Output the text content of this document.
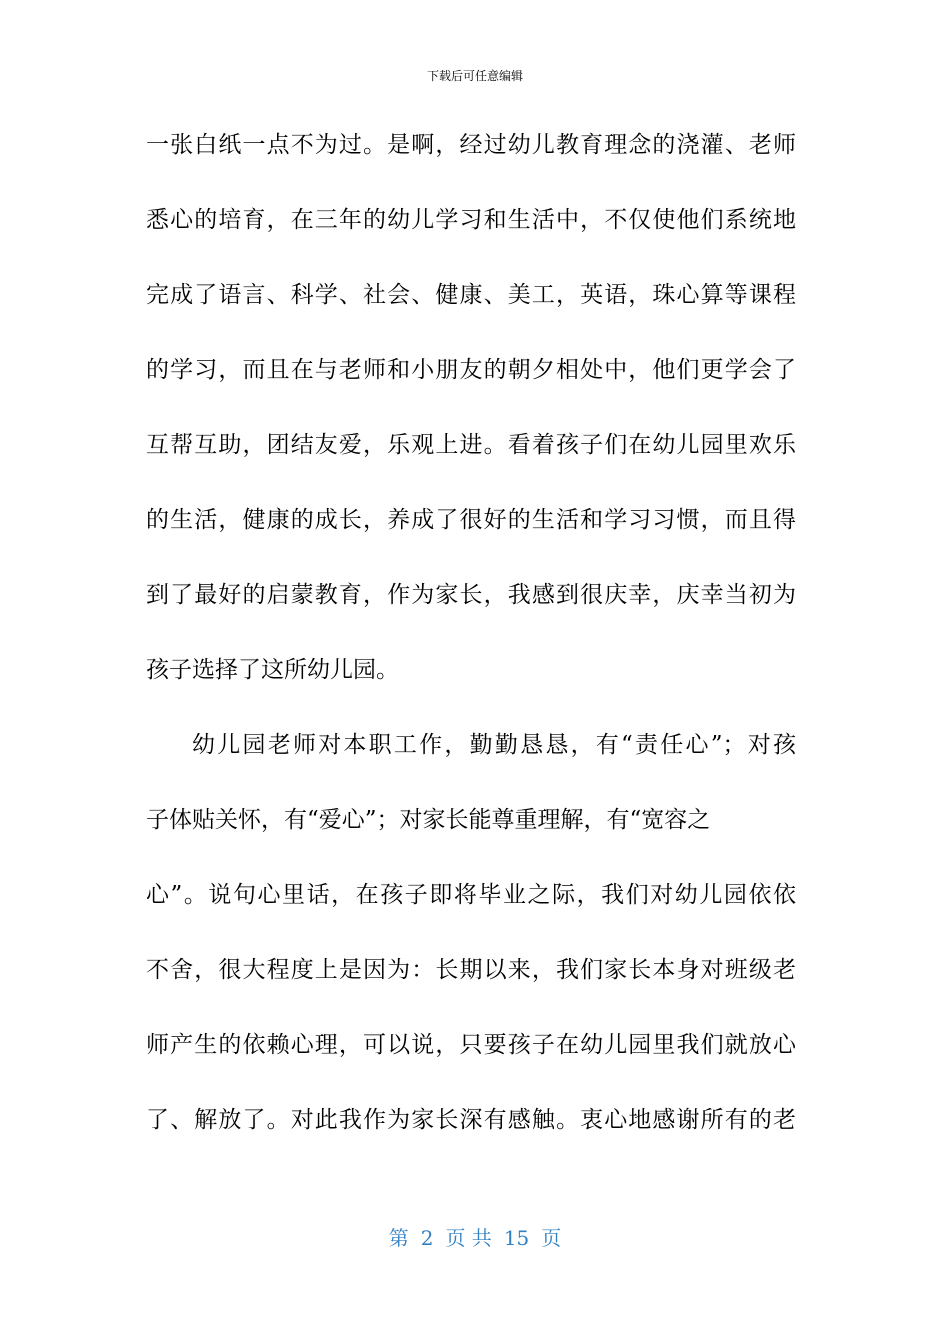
下载后可任意编辑
一张白纸一点不为过。是啊，经过幼儿教育理念的浇灌、老师
悉心的培育，在三年的幼儿学习和生活中，不仅使他们系统地
完成了语言、科学、社会、健康、美工，英语，珠心算等课程
的学习，而且在与老师和小朋友的朝夕相处中，他们更学会了
互帮互助，团结友爱，乐观上进。看着孩子们在幼儿园里欢乐
的生活，健康的成长，养成了很好的生活和学习习惯，而且得
到了最好的启蒙教育，作为家长，我感到很庆幸，庆幸当初为
孩子选择了这所幼儿园。
幼儿园老师对本职工作，勤勤恳恳，有“责任心”；对孩
子体贴关怀，有“爱心”；对家长能尊重理解，有“宽容之
心”。说句心里话，在孩子即将毕业之际，我们对幼儿园依依
不舍，很大程度上是因为：长期以来，我们家长本身对班级老
师产生的依赖心理，可以说，只要孩子在幼儿园里我们就放心
了、解放了。对此我作为家长深有感触。衷心地感谢所有的老
第 2 页 共 15 页
